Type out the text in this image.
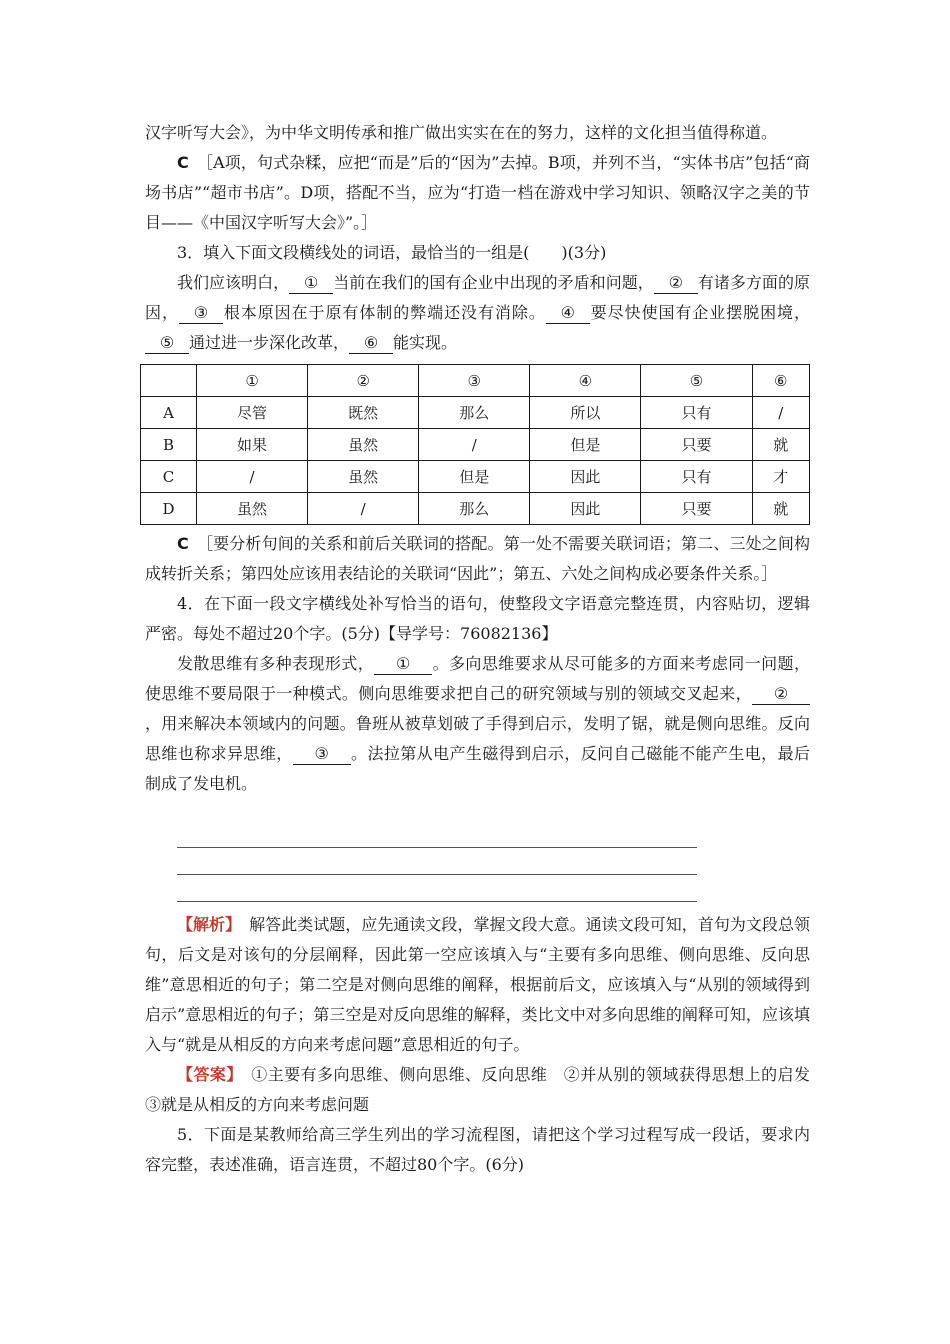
汉字听写大会》，为中华文明传承和推广做出实实在在的努力，这样的文化担当值得称道。

C　 ［A项，句式杂糅，应把“而是”后的“因为”去掉。B项，并列不当，“实体书店”包括“商场书店”“超市书店”。D项，搭配不当，应为“打造一档在游戏中学习知识、领略汉字之美的节目——《中国汉字听写大会》”。］

3．填入下面文段横线处的词语，最恰当的一组是(　　)(3分)

我们应该明白， ① 当前在我们的国有企业中出现的矛盾和问题， ② 有诸多方面的原因， ③ 根本原因在于原有体制的弊端还没有消除。 ④ 要尽快使国有企业摆脱困境，⑤ 通过进一步深化改革， ⑥ 能实现。

	①	②	③	④	⑤	⑥
A	尽管	既然	那么	所以	只有	/
B	如果	虽然	/	但是	只要	就
C	/	虽然	但是	因此	只有	才
D	虽然	/	那么	因此	只要	就

C　 ［要分析句间的关系和前后关联词的搭配。第一处不需要关联词语；第二、三处之间构成转折关系；第四处应该用表结论的关联词“因此”；第五、六处之间构成必要条件关系。］

4．在下面一段文字横线处补写恰当的语句，使整段文字语意完整连贯，内容贴切，逻辑严密。每处不超过20个字。(5分)【导学号：76082136】

发散思维有多种表现形式， ① 。多向思维要求从尽可能多的方面来考虑同一问题，使思维不要局限于一种模式。侧向思维要求把自己的研究领域与别的领域交叉起来， ②，用来解决本领域内的问题。鲁班从被草划破了手得到启示，发明了锯，就是侧向思维。反向思维也称求异思维， ③ 。法拉第从电产生磁得到启示，反问自己磁能不能产生电，最后制成了发电机。

【解析】　 解答此类试题，应先通读文段，掌握文段大意。通读文段可知，首句为文段总领句，后文是对该句的分层阐释，因此第一空应该填入与“主要有多向思维、侧向思维、反向思维”意思相近的句子；第二空是对侧向思维的阐释，根据前后文，应该填入与“从别的领域得到启示”意思相近的句子；第三空是对反向思维的解释，类比文中对多向思维的阐释可知，应该填入与“就是从相反的方向来考虑问题”意思相近的句子。

【答案】　 ①主要有多向思维、侧向思维、反向思维　②并从别的领域获得思想上的启发　③就是从相反的方向来考虑问题

5．下面是某教师给高三学生列出的学习流程图，请把这个学习过程写成一段话，要求内容完整，表述准确，语言连贯，不超过80个字。(6分)
